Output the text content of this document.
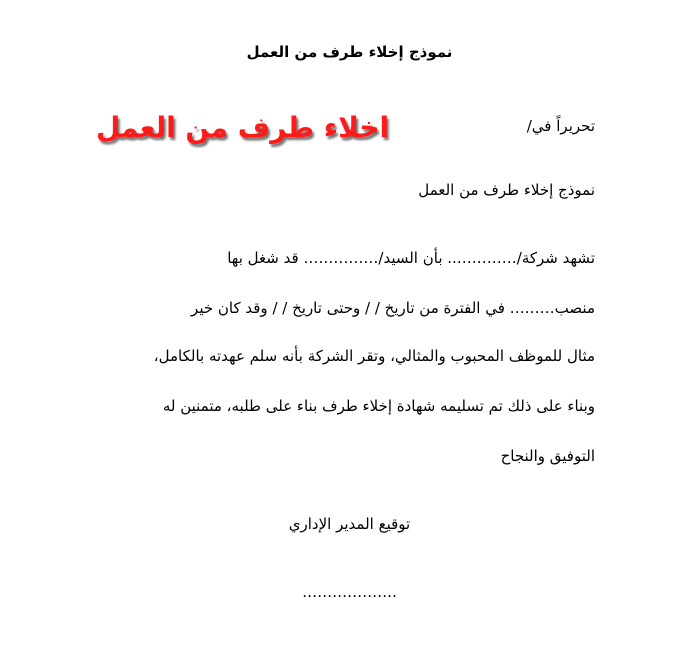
نموذج إخلاء طرف من العمل
اخلاء طرف من العمل	تحريراً في/
نموذج إخلاء طرف من العمل
تشهد شركة/………….. بأن السيد/…………… قد شغل بها
منصب……… في الفترة من تاريخ / / وحتى تاريخ / / وقد كان خير
مثال للموظف المحبوب والمثالي، وتقر الشركة بأنه سلم عهدته بالكامل،
وبناء على ذلك تم تسليمه شهادة إخلاء طرف بناء على طلبه، متمنين له
التوفيق والنجاح
توقيع المدير الإداري
……………….
